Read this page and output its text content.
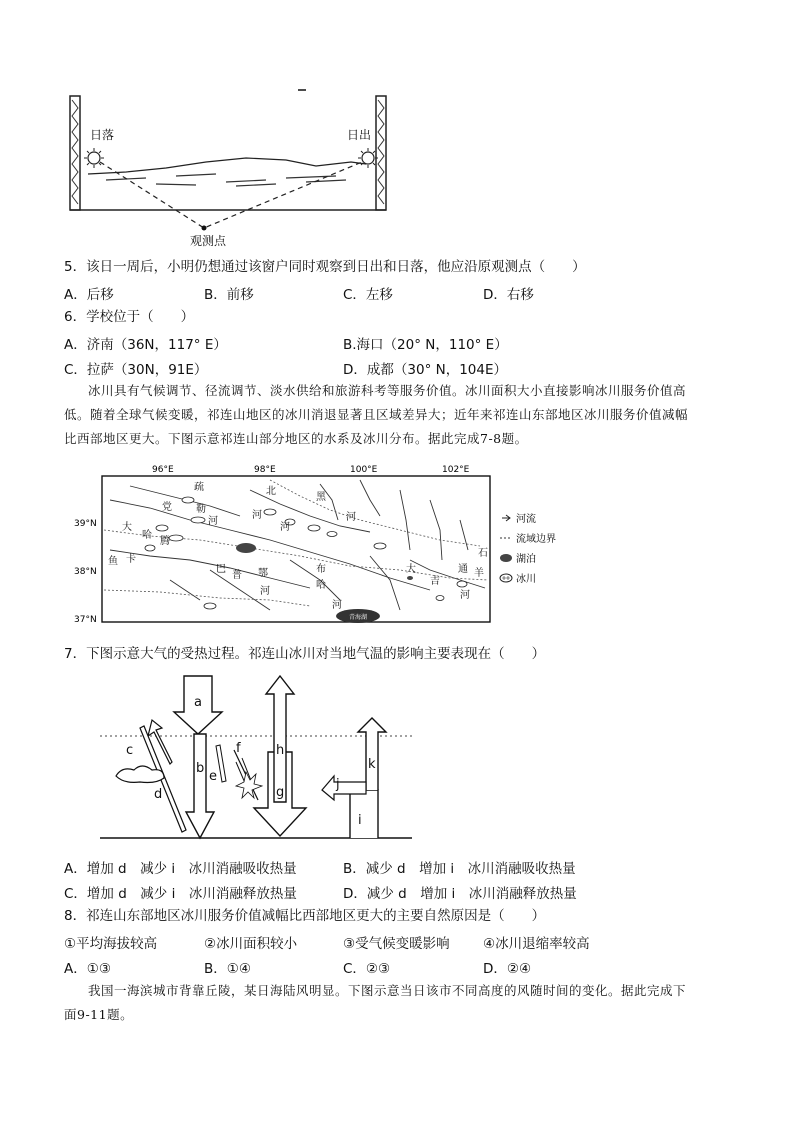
日落	日出
观测点
5．该日一周后，小明仍想通过该窗户同时观察到日出和日落，他应沿原观测点（　　）
A．后移	B．前移	C．左移	D．右移
6．学校位于（　　）
A．济南（36N，117° E）	B.海口（20° N，110° E）
C．拉萨（30N，91E）	D．成都（30° N，104E）
冰川具有气候调节、径流调节、淡水供给和旅游科考等服务价值。冰川面积大小直接影响冰川服务价值高
低。随着全球气候变暖，祁连山地区的冰川消退显著且区域差异大；近年来祁连山东部地区冰川服务价值减幅
比西部地区更大。下图示意祁连山部分地区的水系及冰川分布。据此完成7-8题。
96°E	98°E	100°E	102°E
39°N
38°N
37°N
疏
勒
党
河
北
黑
大
哈
腾
河
河
河
鱼 卡
巴
普 鄂	布
哈
河
吉
石
羊
大	通
河	河
青海湖
河流
流域边界
湖泊
冰川
7．下图示意大气的受热过程。祁连山冰川对当地气温的影响主要表现在（　　）
a
b
c
d
e
f
g
h
i
j
k
A．增加 d　减少 i　冰川消融吸收热量	B．减少 d　增加 i　冰川消融吸收热量
C．增加 d　减少 i　冰川消融释放热量	D．减少 d　增加 i　冰川消融释放热量
8．祁连山东部地区冰川服务价值减幅比西部地区更大的主要自然原因是（　　）
①平均海拔较高	②冰川面积较小	③受气候变暖影响 ④冰川退缩率较高
A．①③	B．①④	C．②③	D．②④
我国一海滨城市背靠丘陵，某日海陆风明显。下图示意当日该市不同高度的风随时间的变化。据此完成下
面9-11题。
